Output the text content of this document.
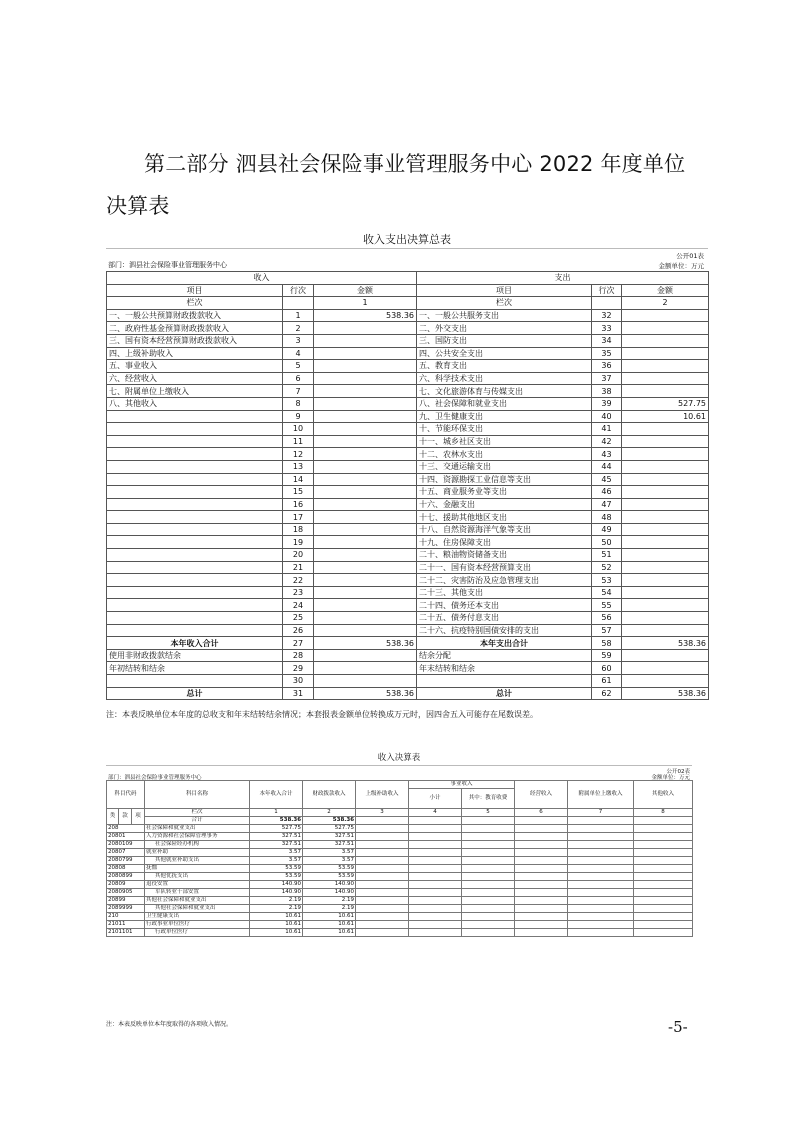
第二部分 泗县社会保险事业管理服务中心 2022 年度单位决算表
收入支出决算总表
公开01表
金额单位：万元
部门：泗县社会保险事业管理服务中心
收入			支出		
项目	行次	金额	项目	行次	金额
栏次		1	栏次		2
一、一般公共预算财政拨款收入	1	538.36	一、一般公共服务支出	32	
二、政府性基金预算财政拨款收入	2		二、外交支出	33	
三、国有资本经营预算财政拨款收入	3		三、国防支出	34	
四、上级补助收入	4		四、公共安全支出	35	
五、事业收入	5		五、教育支出	36	
六、经营收入	6		六、科学技术支出	37	
七、附属单位上缴收入	7		七、文化旅游体育与传媒支出	38	
八、其他收入	8		八、社会保障和就业支出	39	527.75
	9		九、卫生健康支出	40	10.61
	10		十、节能环保支出	41	
	11		十一、城乡社区支出	42	
	12		十二、农林水支出	43	
	13		十三、交通运输支出	44	
	14		十四、资源勘探工业信息等支出	45	
	15		十五、商业服务业等支出	46	
	16		十六、金融支出	47	
	17		十七、援助其他地区支出	48	
	18		十八、自然资源海洋气象等支出	49	
	19		十九、住房保障支出	50	
	20		二十、粮油物资储备支出	51	
	21		二十一、国有资本经营预算支出	52	
	22		二十二、灾害防治及应急管理支出	53	
	23		二十三、其他支出	54	
	24		二十四、债务还本支出	55	
	25		二十五、债务付息支出	56	
	26		二十六、抗疫特别国债安排的支出	57	
本年收入合计	27	538.36	本年支出合计	58	538.36
使用非财政拨款结余	28		结余分配	59	
年初结转和结余	29		年末结转和结余	60	
	30			61	
总计	31	538.36	总计	62	538.36
注：本表反映单位本年度的总收支和年末结转结余情况；本套报表金额单位转换成万元时，因四舍五入可能存在尾数误差。
收入决算表
公开02表
金额单位：万元
部门：泗县社会保险事业管理服务中心
科目代码			科目名称	本年收入合计	财政拨款收入	上级补助收入	事业收入		经营收入	附属单位上缴收入	其他收入
							小计	其中：教育收费			
类	款	项	栏次	1	2	3	4	5	6	7	8
			合计	538.36	538.36						
208			社会保障和就业支出	527.75	527.75						
20801			人力资源和社会保障管理事务	327.51	327.51						
2080109			社会保险经办机构	327.51	327.51						
20807			就业补助	3.57	3.57						
2080799			其他就业补助支出	3.57	3.57						
20808			抚恤	53.59	53.59						
2080899			其他优抚支出	53.59	53.59						
20809			退役安置	140.90	140.90						
2080905			军队转业干部安置	140.90	140.90						
20899			其他社会保障和就业支出	2.19	2.19						
2089999			其他社会保障和就业支出	2.19	2.19						
210			卫生健康支出	10.61	10.61						
21011			行政事业单位医疗	10.61	10.61						
2101101			行政单位医疗	10.61	10.61						
注：本表反映单位本年度取得的各项收入情况。	-5-
